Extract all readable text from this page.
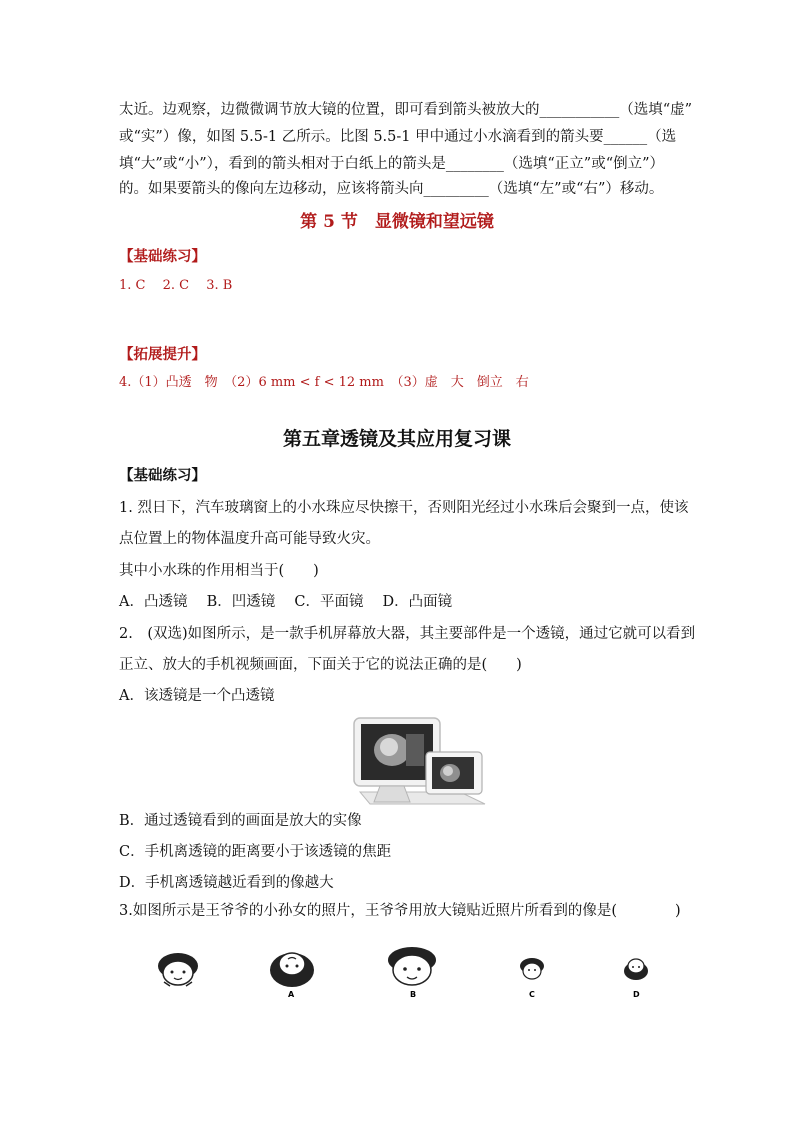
太近。边观察，边微微调节放大镜的位置，即可看到箭头被放大的___________（选填“虚”
或“实”）像，如图 5.5-1 乙所示。比图 5.5-1 甲中通过小水滴看到的箭头要______（选
填“大”或“小”），看到的箭头相对于白纸上的箭头是________（选填“正立”或“倒立”）
的。如果要箭头的像向左边移动，应该将箭头向_________（选填“左”或“右”）移动。
第 5 节　显微镜和望远镜
【基础练习】
1. C　 2. C　 3. B
【拓展提升】
4.（1）凸透　物　（2）6 mm < f < 12 mm　（3）虚　大　倒立　右
第五章透镜及其应用复习课
【基础练习】
1. 烈日下，汽车玻璃窗上的小水珠应尽快擦干，否则阳光经过小水珠后会聚到一点，使该
点位置上的物体温度升高可能导致火灾。
其中小水珠的作用相当于(　　)
A．凸透镜　 B．凹透镜　 C．平面镜　 D．凸面镜
2.　(双选)如图所示，是一款手机屏幕放大器，其主要部件是一个透镜，通过它就可以看到
正立、放大的手机视频画面，下面关于它的说法正确的是(　　)
A．该透镜是一个凸透镜
B．通过透镜看到的画面是放大的实像
C．手机离透镜的距离要小于该透镜的焦距
D．手机离透镜越近看到的像越大
3.如图所示是王爷爷的小孙女的照片，王爷爷用放大镜贴近照片所看到的像是(　　　　)
A	B	C	D
